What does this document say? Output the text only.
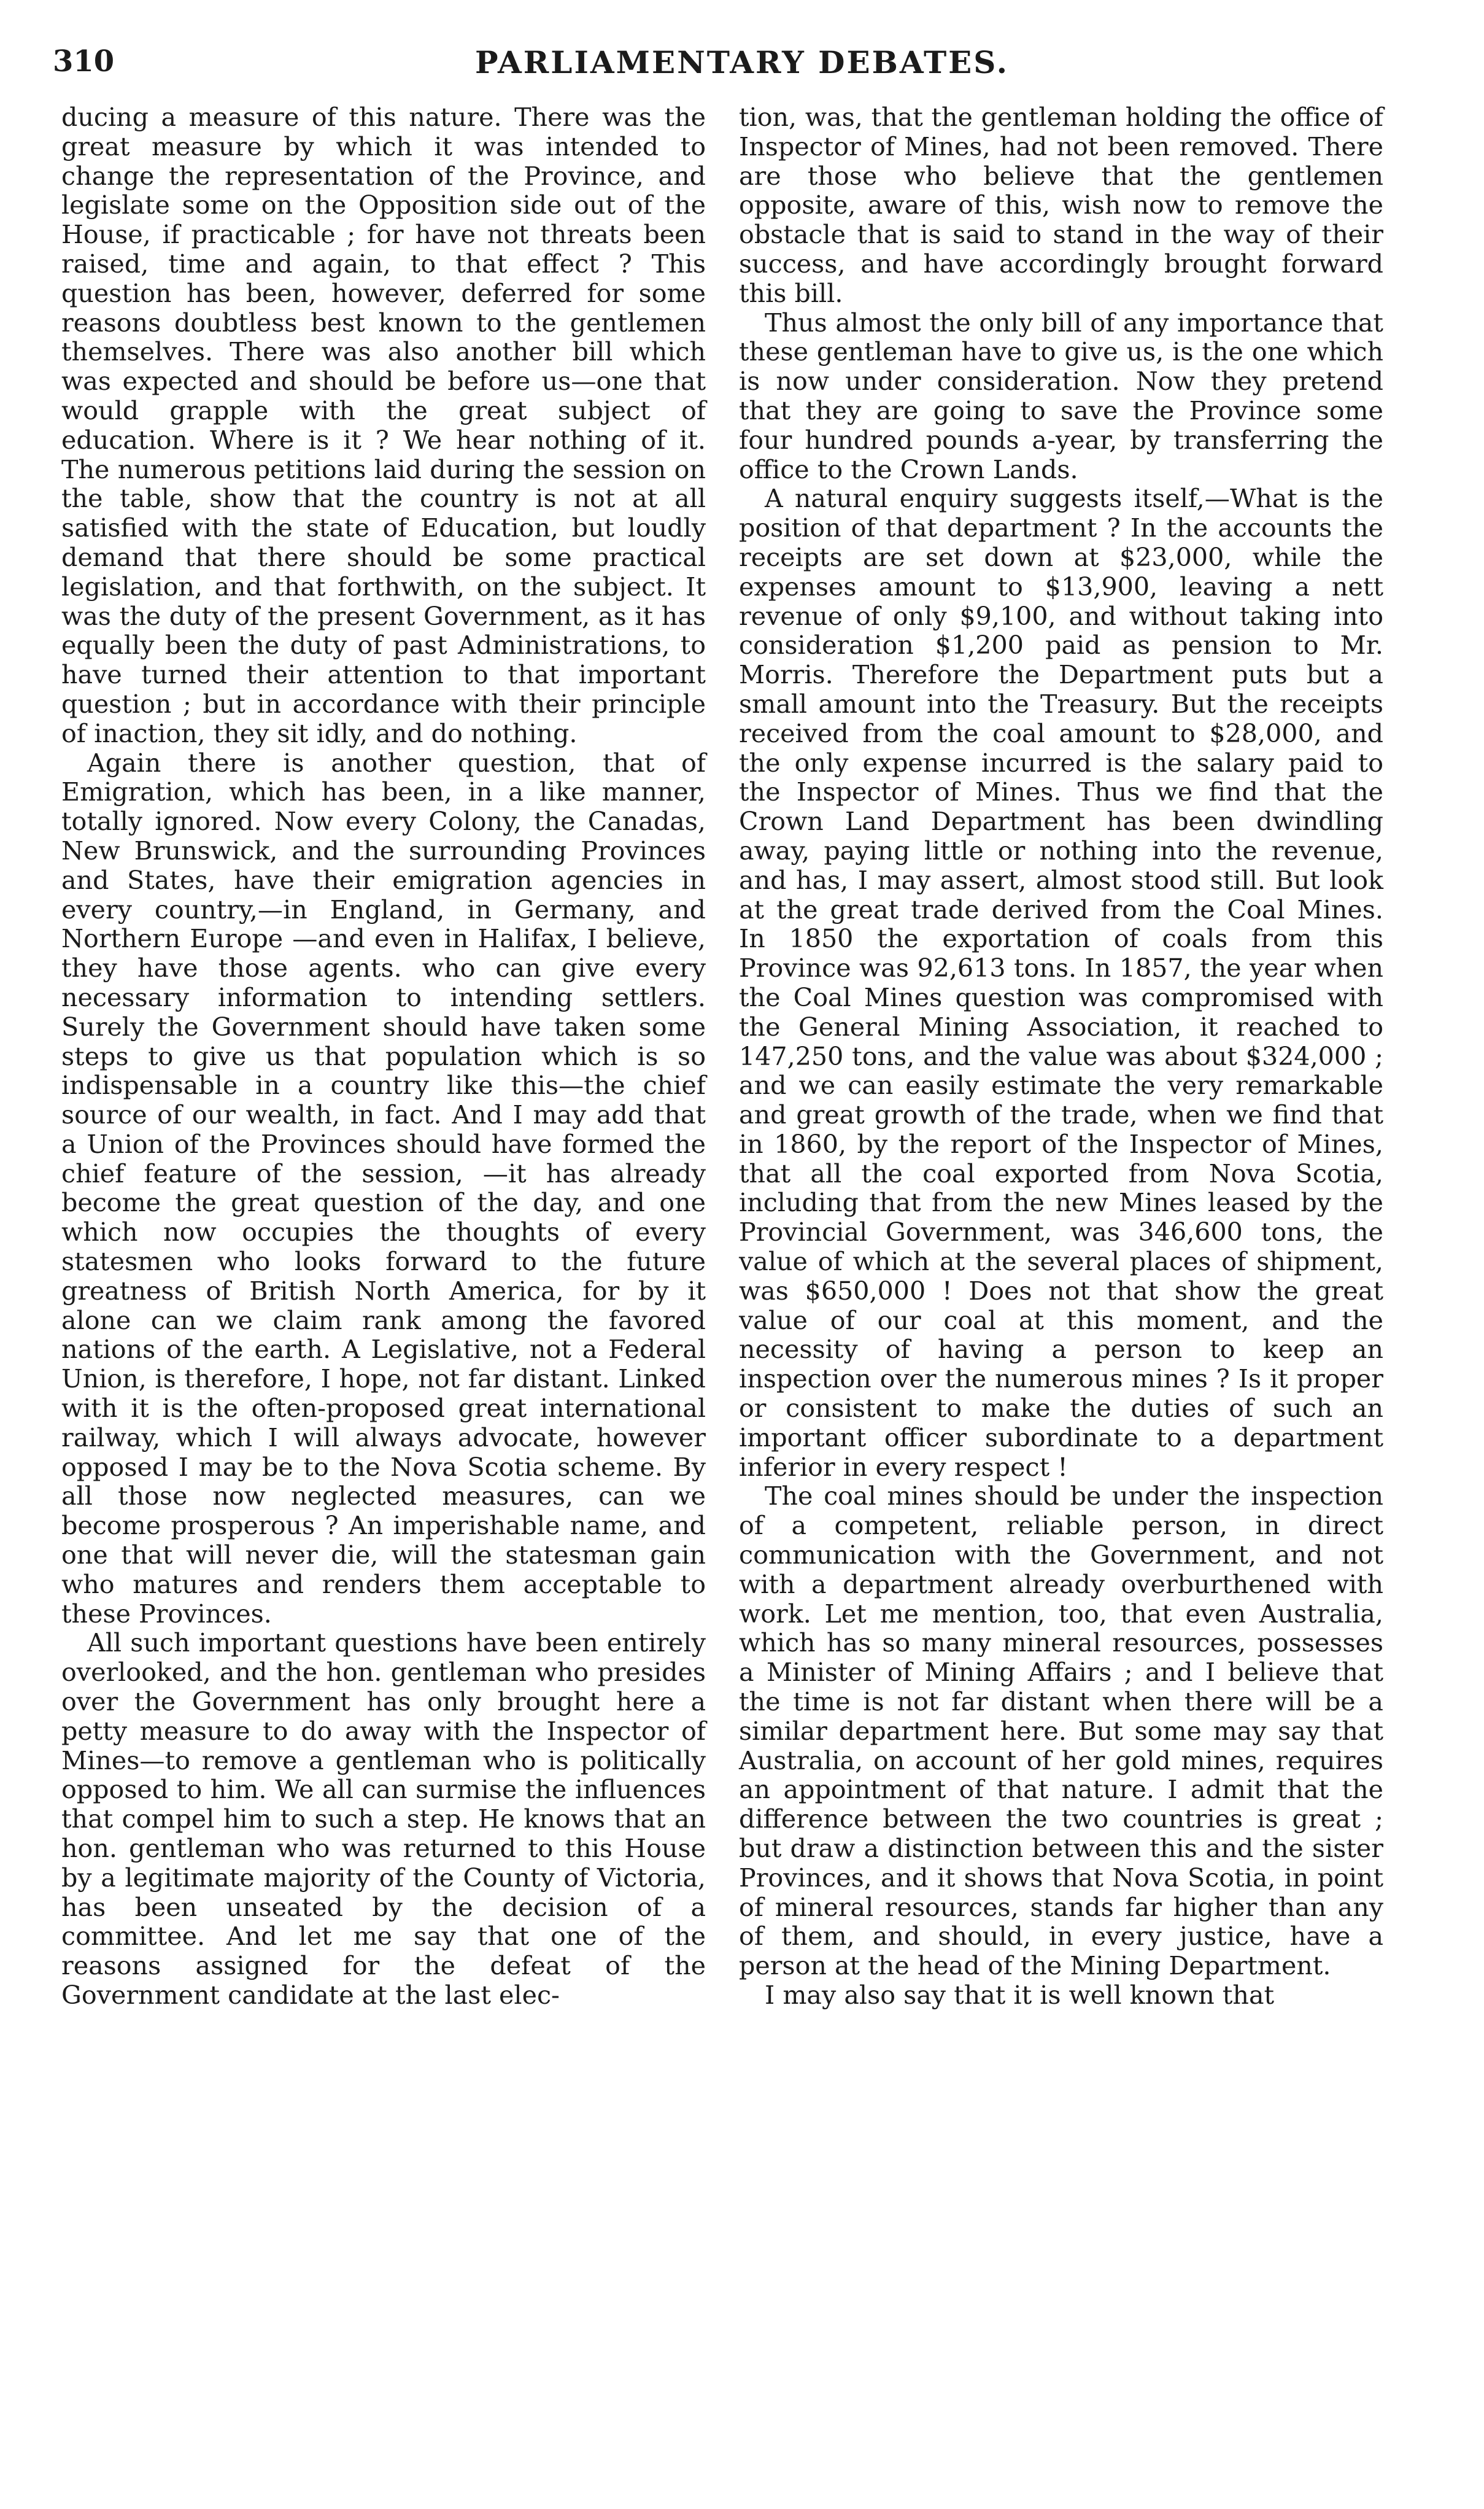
310	PARLIAMENTARY DEBATES.

ducing a measure of this nature. There was the great measure by which it was intended to change the representation of the Province, and legislate some on the Opposition side out of the House, if practicable ; for have not threats been raised, time and again, to that effect ? This question has been, however, deferred for some reasons doubtless best known to the gentlemen themselves. There was also another bill which was expected and should be before us—one that would grapple with the great subject of education. Where is it ? We hear nothing of it. The numerous petitions laid during the session on the table, show that the country is not at all satisfied with the state of Education, but loudly demand that there should be some practical legislation, and that forthwith, on the subject. It was the duty of the present Government, as it has equally been the duty of past Administrations, to have turned their attention to that important question ; but in accordance with their principle of inaction, they sit idly, and do nothing.

Again there is another question, that of Emigration, which has been, in a like manner, totally ignored. Now every Colony, the Canadas, New Brunswick, and the surrounding Provinces and States, have their emigration agencies in every country,—in England, in Germany, and Northern Europe —and even in Halifax, I believe, they have those agents. who can give every necessary information to intending settlers. Surely the Government should have taken some steps to give us that population which is so indispensable in a country like this—the chief source of our wealth, in fact. And I may add that a Union of the Provinces should have formed the chief feature of the session, —it has already become the great question of the day, and one which now occupies the thoughts of every statesmen who looks forward to the future greatness of British North America, for by it alone can we claim rank among the favored nations of the earth. A Legislative, not a Federal Union, is therefore, I hope, not far distant. Linked with it is the often-proposed great international railway, which I will always advocate, however opposed I may be to the Nova Scotia scheme. By all those now neglected measures, can we become prosperous ? An imperishable name, and one that will never die, will the statesman gain who matures and renders them acceptable to these Provinces.

All such important questions have been entirely overlooked, and the hon. gentleman who presides over the Government has only brought here a petty measure to do away with the Inspector of Mines—to remove a gentleman who is politically opposed to him. We all can surmise the influences that compel him to such a step. He knows that an hon. gentleman who was returned to this House by a legitimate majority of the County of Victoria, has been unseated by the decision of a committee. And let me say that one of the reasons assigned for the defeat of the Government candidate at the last elec-

tion, was, that the gentleman holding the office of Inspector of Mines, had not been removed. There are those who believe that the gentlemen opposite, aware of this, wish now to remove the obstacle that is said to stand in the way of their success, and have accordingly brought forward this bill.

Thus almost the only bill of any importance that these gentleman have to give us, is the one which is now under consideration. Now they pretend that they are going to save the Province some four hundred pounds a-year, by transferring the office to the Crown Lands.

A natural enquiry suggests itself,—What is the position of that department ? In the accounts the receipts are set down at $23,000, while the expenses amount to $13,900, leaving a nett revenue of only $9,100, and without taking into consideration $1,200 paid as pension to Mr. Morris. Therefore the Department puts but a small amount into the Treasury. But the receipts received from the coal amount to $28,000, and the only expense incurred is the salary paid to the Inspector of Mines. Thus we find that the Crown Land Department has been dwindling away, paying little or nothing into the revenue, and has, I may assert, almost stood still. But look at the great trade derived from the Coal Mines. In 1850 the exportation of coals from this Province was 92,613 tons. In 1857, the year when the Coal Mines question was compromised with the General Mining Association, it reached to 147,250 tons, and the value was about $324,000 ; and we can easily estimate the very remarkable and great growth of the trade, when we find that in 1860, by the report of the Inspector of Mines, that all the coal exported from Nova Scotia, including that from the new Mines leased by the Provincial Government, was 346,600 tons, the value of which at the several places of shipment, was $650,000 ! Does not that show the great value of our coal at this moment, and the necessity of having a person to keep an inspection over the numerous mines ? Is it proper or consistent to make the duties of such an important officer subordinate to a department inferior in every respect !

The coal mines should be under the inspection of a competent, reliable person, in direct communication with the Government, and not with a department already overburthened with work. Let me mention, too, that even Australia, which has so many mineral resources, possesses a Minister of Mining Affairs ; and I believe that the time is not far distant when there will be a similar department here. But some may say that Australia, on account of her gold mines, requires an appointment of that nature. I admit that the difference between the two countries is great ; but draw a distinction between this and the sister Provinces, and it shows that Nova Scotia, in point of mineral resources, stands far higher than any of them, and should, in every justice, have a person at the head of the Mining Department.

I may also say that it is well known that
